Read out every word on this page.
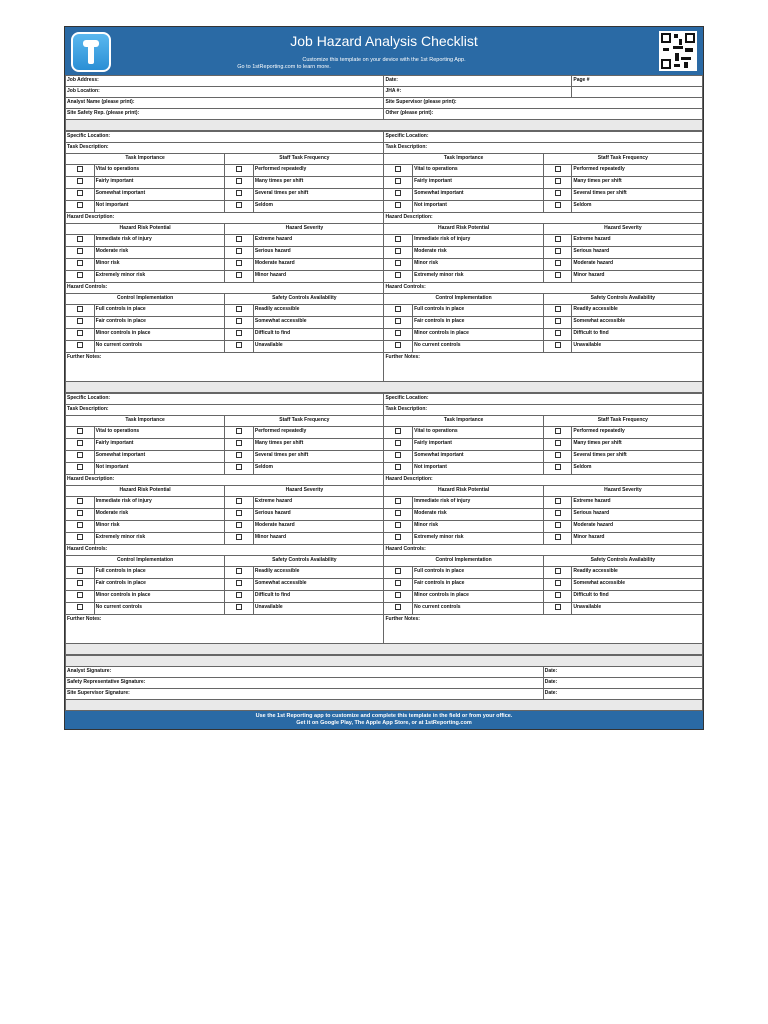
Job Hazard Analysis Checklist
Customize this template on your device with the 1st Reporting App.
Go to 1stReporting.com to learn more.
Job Address:	Date:	Page #
Job Location:	JHA #:	
Analyst Name (please print):	Site Supervisor (please print):	
Site Safety Rep. (please print):	Other (please print):	

Specific Location:				Specific Location:			
Task Description:				Task Description:			
Task Importance		Staff Task Frequency		Task Importance		Staff Task Frequency	
	Vital to operations		Performed repeatedly		Vital to operations		Performed repeatedly
	Fairly important		Many times per shift		Fairly important		Many times per shift
	Somewhat important		Several times per shift		Somewhat important		Several times per shift
	Not important		Seldom		Not important		Seldom
Hazard Description:				Hazard Description:			
Hazard Risk Potential		Hazard Severity		Hazard Risk Potential		Hazard Severity	
	Immediate risk of injury		Extreme hazard		Immediate risk of injury		Extreme hazard
	Moderate risk		Serious hazard		Moderate risk		Serious hazard
	Minor risk		Moderate hazard		Minor risk		Moderate hazard
	Extremely minor risk		Minor hazard		Extremely minor risk		Minor hazard
Hazard Controls:				Hazard Controls:			
Control Implementation		Safety Controls Availability		Control Implementation		Safety Controls Availability	
	Full controls in place		Readily accessible		Full controls in place		Readily accessible
	Fair controls in place		Somewhat accessible		Fair controls in place		Somewhat accessible
	Minor controls in place		Difficult to find		Minor controls in place		Difficult to find
	No current controls		Unavailable		No current controls		Unavailable
Further Notes:				Further Notes:			

Specific Location:				Specific Location:			
Task Description:				Task Description:			
Task Importance		Staff Task Frequency		Task Importance		Staff Task Frequency	
	Vital to operations		Performed repeatedly		Vital to operations		Performed repeatedly
	Fairly important		Many times per shift		Fairly important		Many times per shift
	Somewhat important		Several times per shift		Somewhat important		Several times per shift
	Not important		Seldom		Not important		Seldom
Hazard Description:				Hazard Description:			
Hazard Risk Potential		Hazard Severity		Hazard Risk Potential		Hazard Severity	
	Immediate risk of injury		Extreme hazard		Immediate risk of injury		Extreme hazard
	Moderate risk		Serious hazard		Moderate risk		Serious hazard
	Minor risk		Moderate hazard		Minor risk		Moderate hazard
	Extremely minor risk		Minor hazard		Extremely minor risk		Minor hazard
Hazard Controls:				Hazard Controls:			
Control Implementation		Safety Controls Availability		Control Implementation		Safety Controls Availability	
	Full controls in place		Readily accessible		Full controls in place		Readily accessible
	Fair controls in place		Somewhat accessible		Fair controls in place		Somewhat accessible
	Minor controls in place		Difficult to find		Minor controls in place		Difficult to find
	No current controls		Unavailable		No current controls		Unavailable
Further Notes:				Further Notes:			

Analyst Signature:	Date:
Safety Representative Signature:	Date:
Site Supervisor Signature:	Date:

Use the 1st Reporting app to customize and complete this template in the field or from your office.
Get it on Google Play, The Apple App Store, or at 1stReporting.com
